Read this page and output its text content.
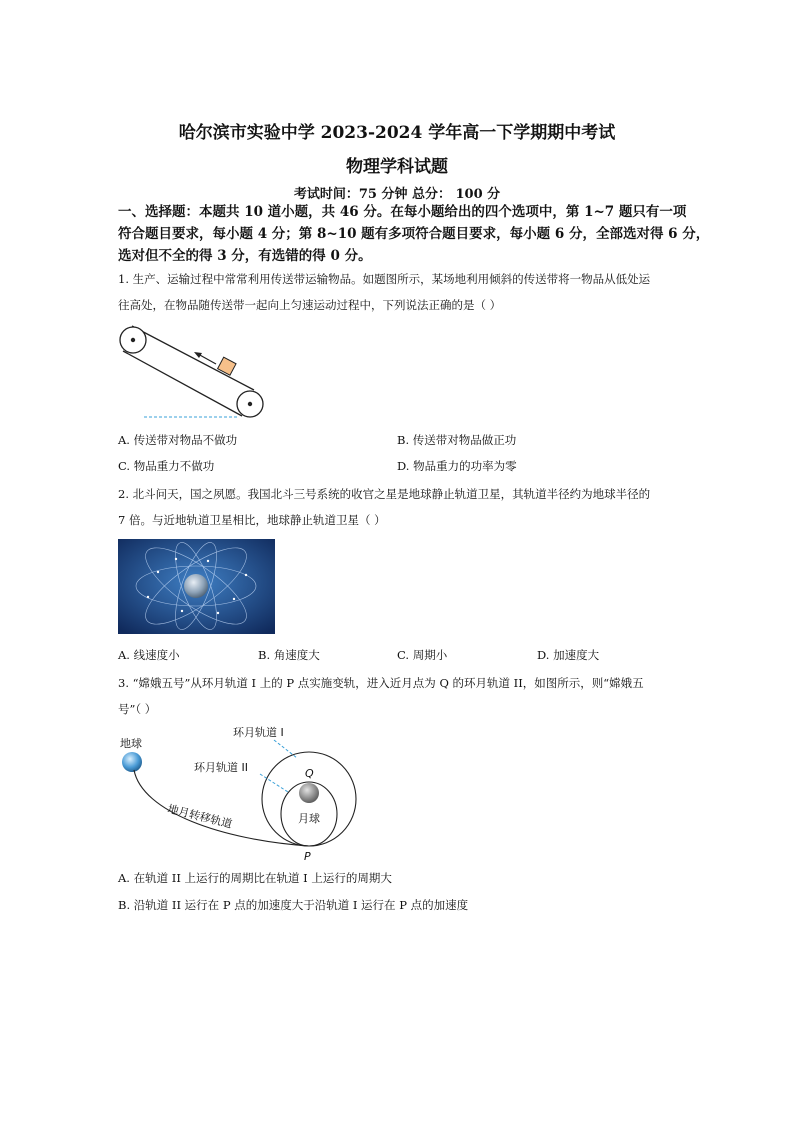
哈尔滨市实验中学 2023-2024 学年高一下学期期中考试
物理学科试题
考试时间：75 分钟 总分： 100 分
一、选择题：本题共 10 道小题，共 46 分。在每小题给出的四个选项中，第 1~7 题只有一项
符合题目要求，每小题 4 分；第 8~10 题有多项符合题目要求，每小题 6 分，全部选对得 6 分，
选对但不全的得 3 分，有选错的得 0 分。
1. 生产、运输过程中常常利用传送带运输物品。如题图所示，某场地利用倾斜的传送带将一物品从低处运
往高处，在物品随传送带一起向上匀速运动过程中，下列说法正确的是（ ）
A. 传送带对物品不做功	B. 传送带对物品做正功
C. 物品重力不做功	D. 物品重力的功率为零
2. 北斗问天，国之夙愿。我国北斗三号系统的收官之星是地球静止轨道卫星，其轨道半径约为地球半径的
7 倍。与近地轨道卫星相比，地球静止轨道卫星（ ）
A. 线速度小	B. 角速度大	C. 周期小	D. 加速度大
3. “嫦娥五号”从环月轨道 I 上的 P 点实施变轨，进入近月点为 Q 的环月轨道 II，如图所示，则“嫦娥五
号”（ ）
地球
地月转移轨道	月球
Q
P
环月轨道 I
环月轨道 II
A. 在轨道 II 上运行的周期比在轨道 I 上运行的周期大
B. 沿轨道 II 运行在 P 点的加速度大于沿轨道 I 运行在 P 点的加速度
